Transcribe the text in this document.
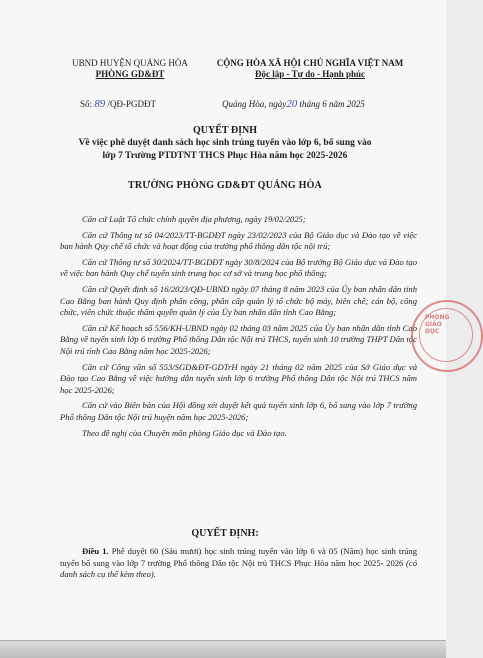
UBND HUYỆN QUẢNG HÒA
PHÒNG GD&ĐT
CỘNG HÒA XÃ HỘI CHỦ NGHĨA VIỆT NAM
Độc lập - Tự do - Hạnh phúc
Số: 89 /QĐ-PGDĐT	Quảng Hòa, ngày20 tháng 6 năm 2025
QUYẾT ĐỊNH
Về việc phê duyệt danh sách học sinh trúng tuyển vào lớp 6, bổ sung vào
lớp 7 Trường PTDTNT THCS Phục Hòa năm học 2025-2026
TRƯỜNG PHÒNG GD&ĐT QUẢNG HÒA

Căn cứ Luật Tổ chức chính quyền địa phương, ngày 19/02/2025;

Căn cứ Thông tư số 04/2023/TT-BGDĐT ngày 23/02/2023 của Bộ Giáo dục và Đào tạo về việc ban hành Quy chế tổ chức và hoạt động của trường phổ thông dân tộc nội trú;

Căn cứ Thông tư số 30/2024/TT-BGDĐT ngày 30/8/2024 của Bộ trưởng Bộ Giáo dục và Đào tạo về việc ban hành Quy chế tuyển sinh trung học cơ sở và trung học phổ thông;

Căn cứ Quyết định số 16/2023/QĐ-UBND ngày 07 tháng 8 năm 2023 của Ủy ban nhân dân tỉnh Cao Bằng ban hành Quy định phân công, phân cấp quản lý tổ chức bộ máy, biên chế; cán bộ, công chức, viên chức thuộc thẩm quyền quản lý của Ủy ban nhân dân tỉnh Cao Bằng;

Căn cứ Kế hoạch số 556/KH-UBND ngày 02 tháng 03 năm 2025 của Ủy ban nhân dân tỉnh Cao Bằng về tuyển sinh lớp 6 trường Phổ thông Dân tộc Nội trú THCS, tuyển sinh 10 trường THPT Dân tộc Nội trú tỉnh Cao Bằng năm học 2025-2026;

Căn cứ Công văn số 553/SGD&ĐT-GDTrH ngày 21 tháng 02 năm 2025 của Sở Giáo dục và Đào tạo Cao Bằng về việc hướng dẫn tuyển sinh lớp 6 trường Phổ thông Dân tộc Nội trú THCS năm học 2025-2026;

Căn cứ vào Biên bản của Hội đồng xét duyệt kết quả tuyển sinh lớp 6, bổ sung vào lớp 7 trường Phổ thông Dân tộc Nội trú huyện năm học 2025-2026;

Theo đề nghị của Chuyên môn phòng Giáo dục và Đào tạo.

QUYẾT ĐỊNH:
Điều 1. Phê duyệt 60 (Sáu mươi) học sinh trúng tuyển vào lớp 6 và 05 (Năm) học sinh trúng tuyển bổ sung vào lớp 7 trường Phổ thông Dân tộc Nội trú THCS Phục Hòa năm học 2025- 2026 (có danh sách cụ thể kèm theo).
PHÒNG
GIÁO
DỤC
